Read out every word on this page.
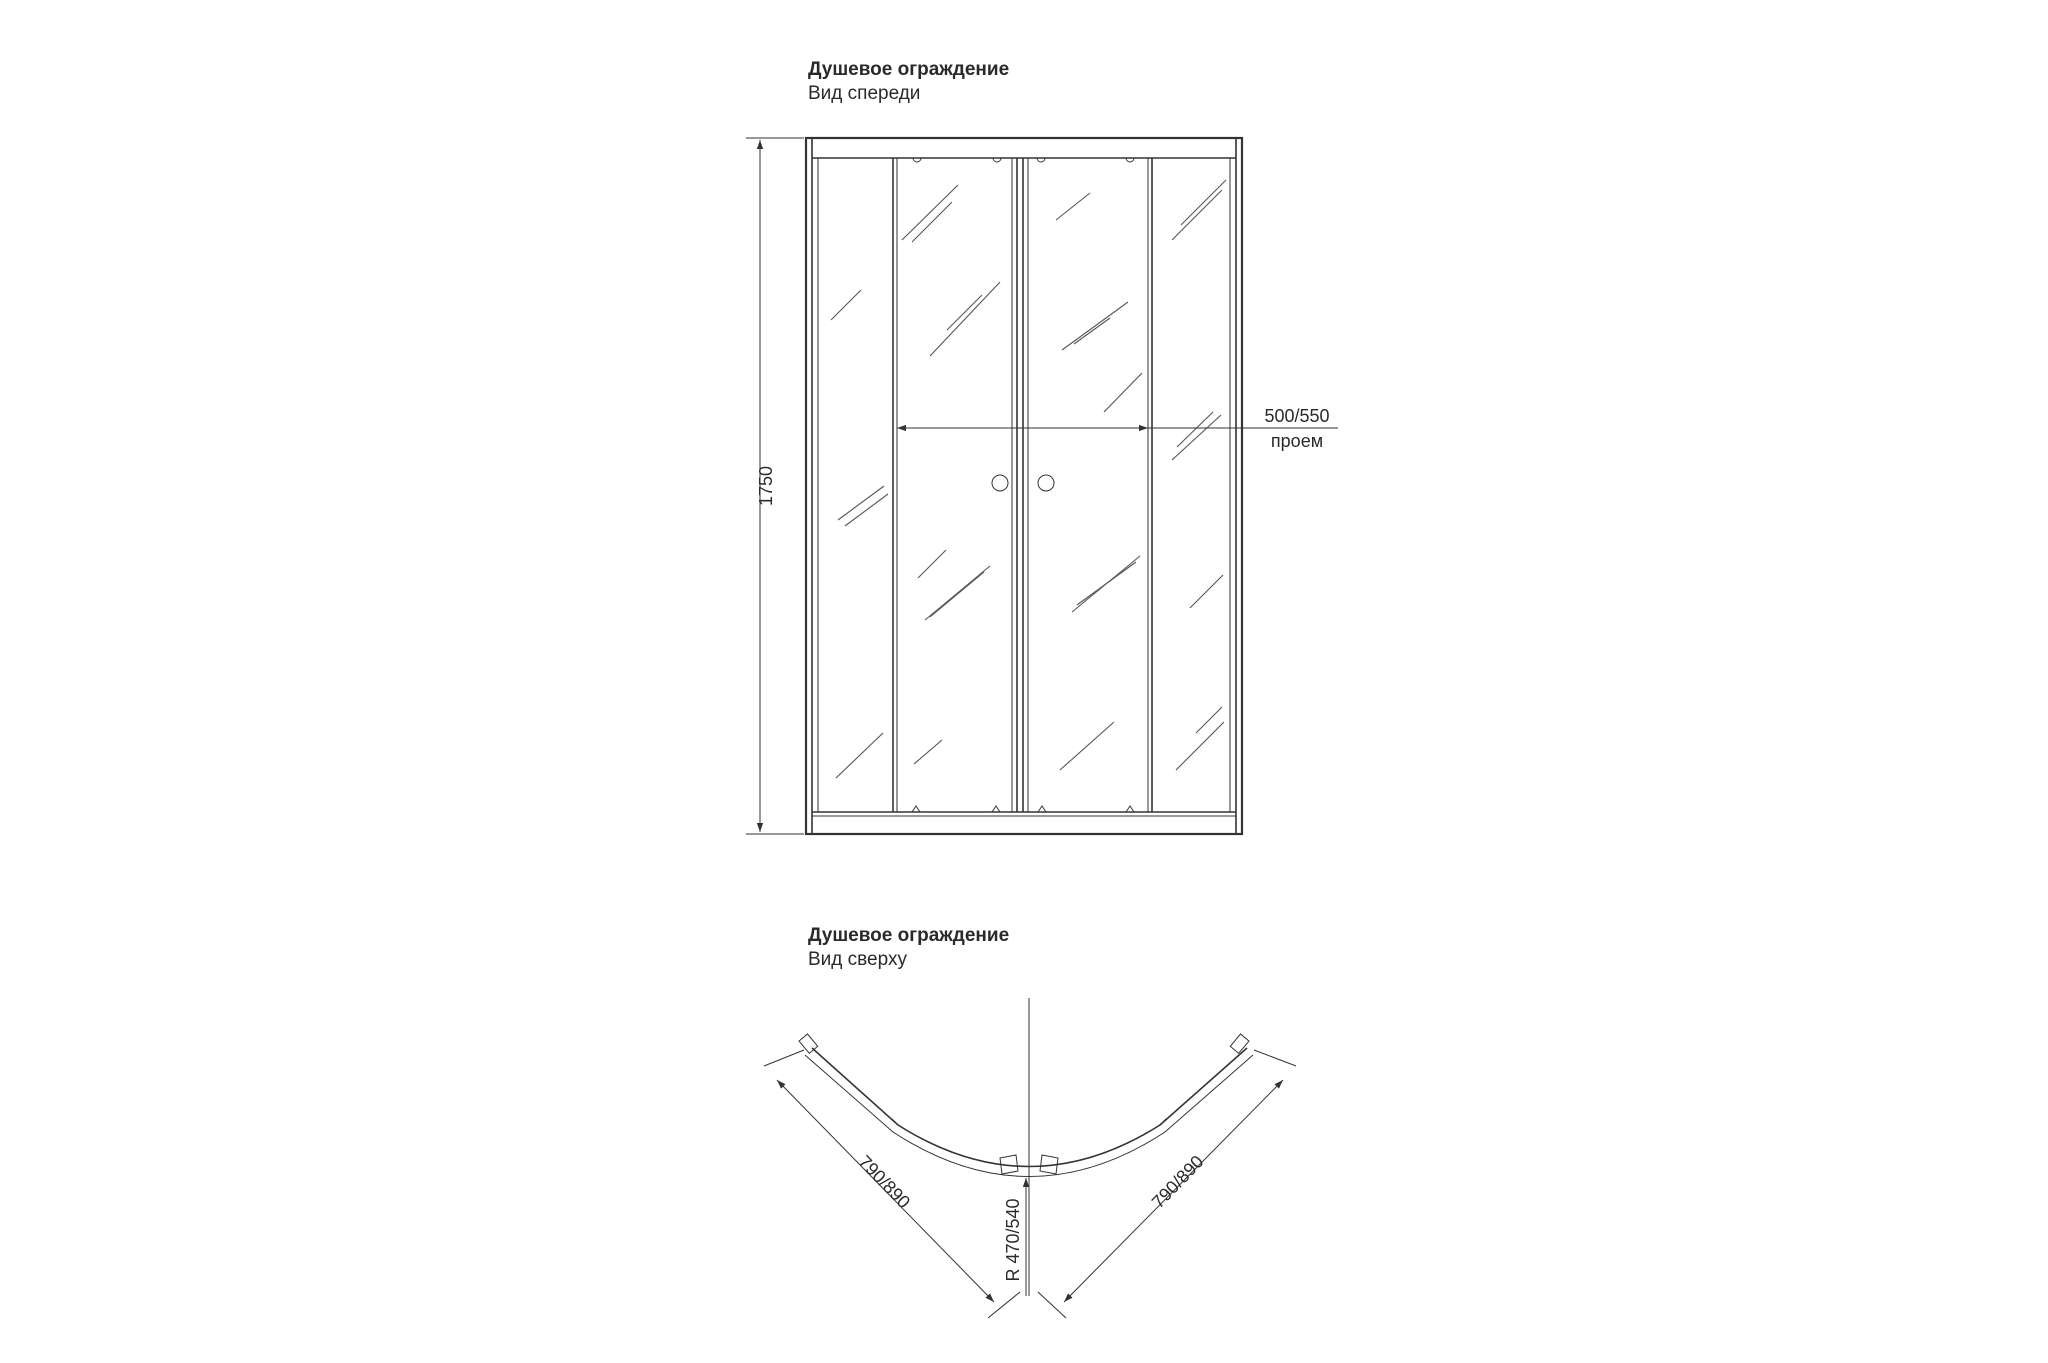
Душевое ограждение
Вид спереди
1750
500/550
проем
Душевое ограждение
Вид сверху
R 470/540
790/890	790/890
